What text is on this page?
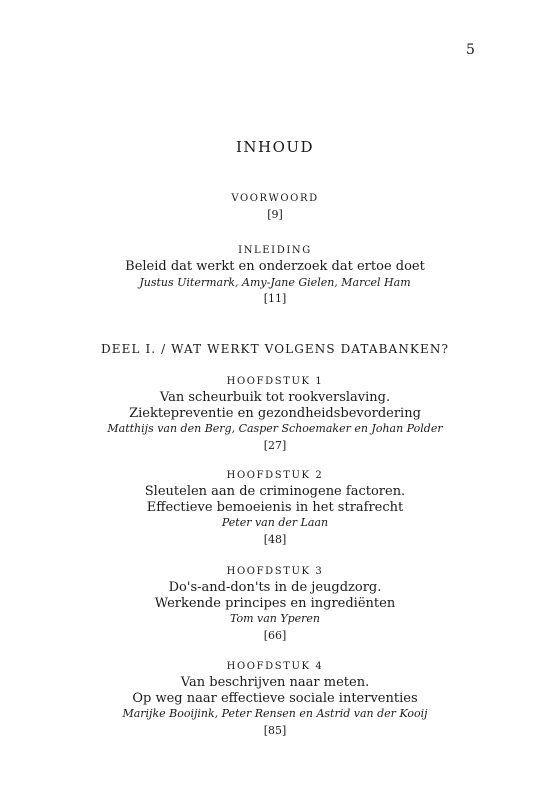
5
INHOUD
VOORWOORD
[9]
INLEIDING
Beleid dat werkt en onderzoek dat ertoe doet
Justus Uitermark, Amy-Jane Gielen, Marcel Ham
[11]
DEEL I. / WAT WERKT VOLGENS DATABANKEN?
HOOFDSTUK 1
Van scheurbuik tot rookverslaving.
Ziektepreventie en gezondheidsbevordering
Matthijs van den Berg, Casper Schoemaker en Johan Polder
[27]
HOOFDSTUK 2
Sleutelen aan de criminogene factoren.
Effectieve bemoeienis in het strafrecht
Peter van der Laan
[48]
HOOFDSTUK 3
Do's-and-don'ts in de jeugdzorg.
Werkende principes en ingrediënten
Tom van Yperen
[66]
HOOFDSTUK 4
Van beschrijven naar meten.
Op weg naar effectieve sociale interventies
Marijke Booijink, Peter Rensen en Astrid van der Kooij
[85]
